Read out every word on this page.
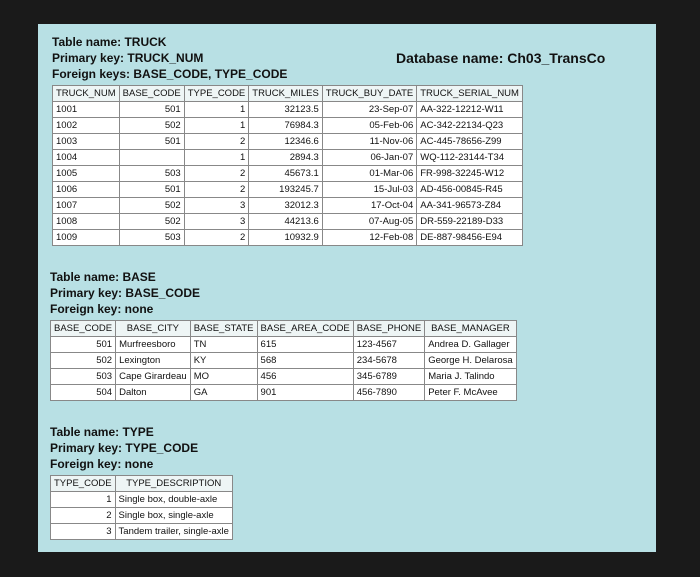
Database name: Ch03_TransCo
Table name: TRUCK
Primary key: TRUCK_NUM
Foreign keys: BASE_CODE, TYPE_CODE
TRUCK_NUM	BASE_CODE	TYPE_CODE	TRUCK_MILES	TRUCK_BUY_DATE	TRUCK_SERIAL_NUM
1001	501	1	32123.5	23-Sep-07	AA-322-12212-W11
1002	502	1	76984.3	05-Feb-06	AC-342-22134-Q23
1003	501	2	12346.6	11-Nov-06	AC-445-78656-Z99
1004		1	2894.3	06-Jan-07	WQ-112-23144-T34
1005	503	2	45673.1	01-Mar-06	FR-998-32245-W12
1006	501	2	193245.7	15-Jul-03	AD-456-00845-R45
1007	502	3	32012.3	17-Oct-04	AA-341-96573-Z84
1008	502	3	44213.6	07-Aug-05	DR-559-22189-D33
1009	503	2	10932.9	12-Feb-08	DE-887-98456-E94
Table name: BASE
Primary key: BASE_CODE
Foreign key: none
BASE_CODE	BASE_CITY	BASE_STATE	BASE_AREA_CODE	BASE_PHONE	BASE_MANAGER
501	Murfreesboro	TN	615	123-4567	Andrea D. Gallager
502	Lexington	KY	568	234-5678	George H. Delarosa
503	Cape Girardeau	MO	456	345-6789	Maria J. Talindo
504	Dalton	GA	901	456-7890	Peter F. McAvee
Table name: TYPE
Primary key: TYPE_CODE
Foreign key: none
TYPE_CODE	TYPE_DESCRIPTION
1	Single box, double-axle
2	Single box, single-axle
3	Tandem trailer, single-axle
